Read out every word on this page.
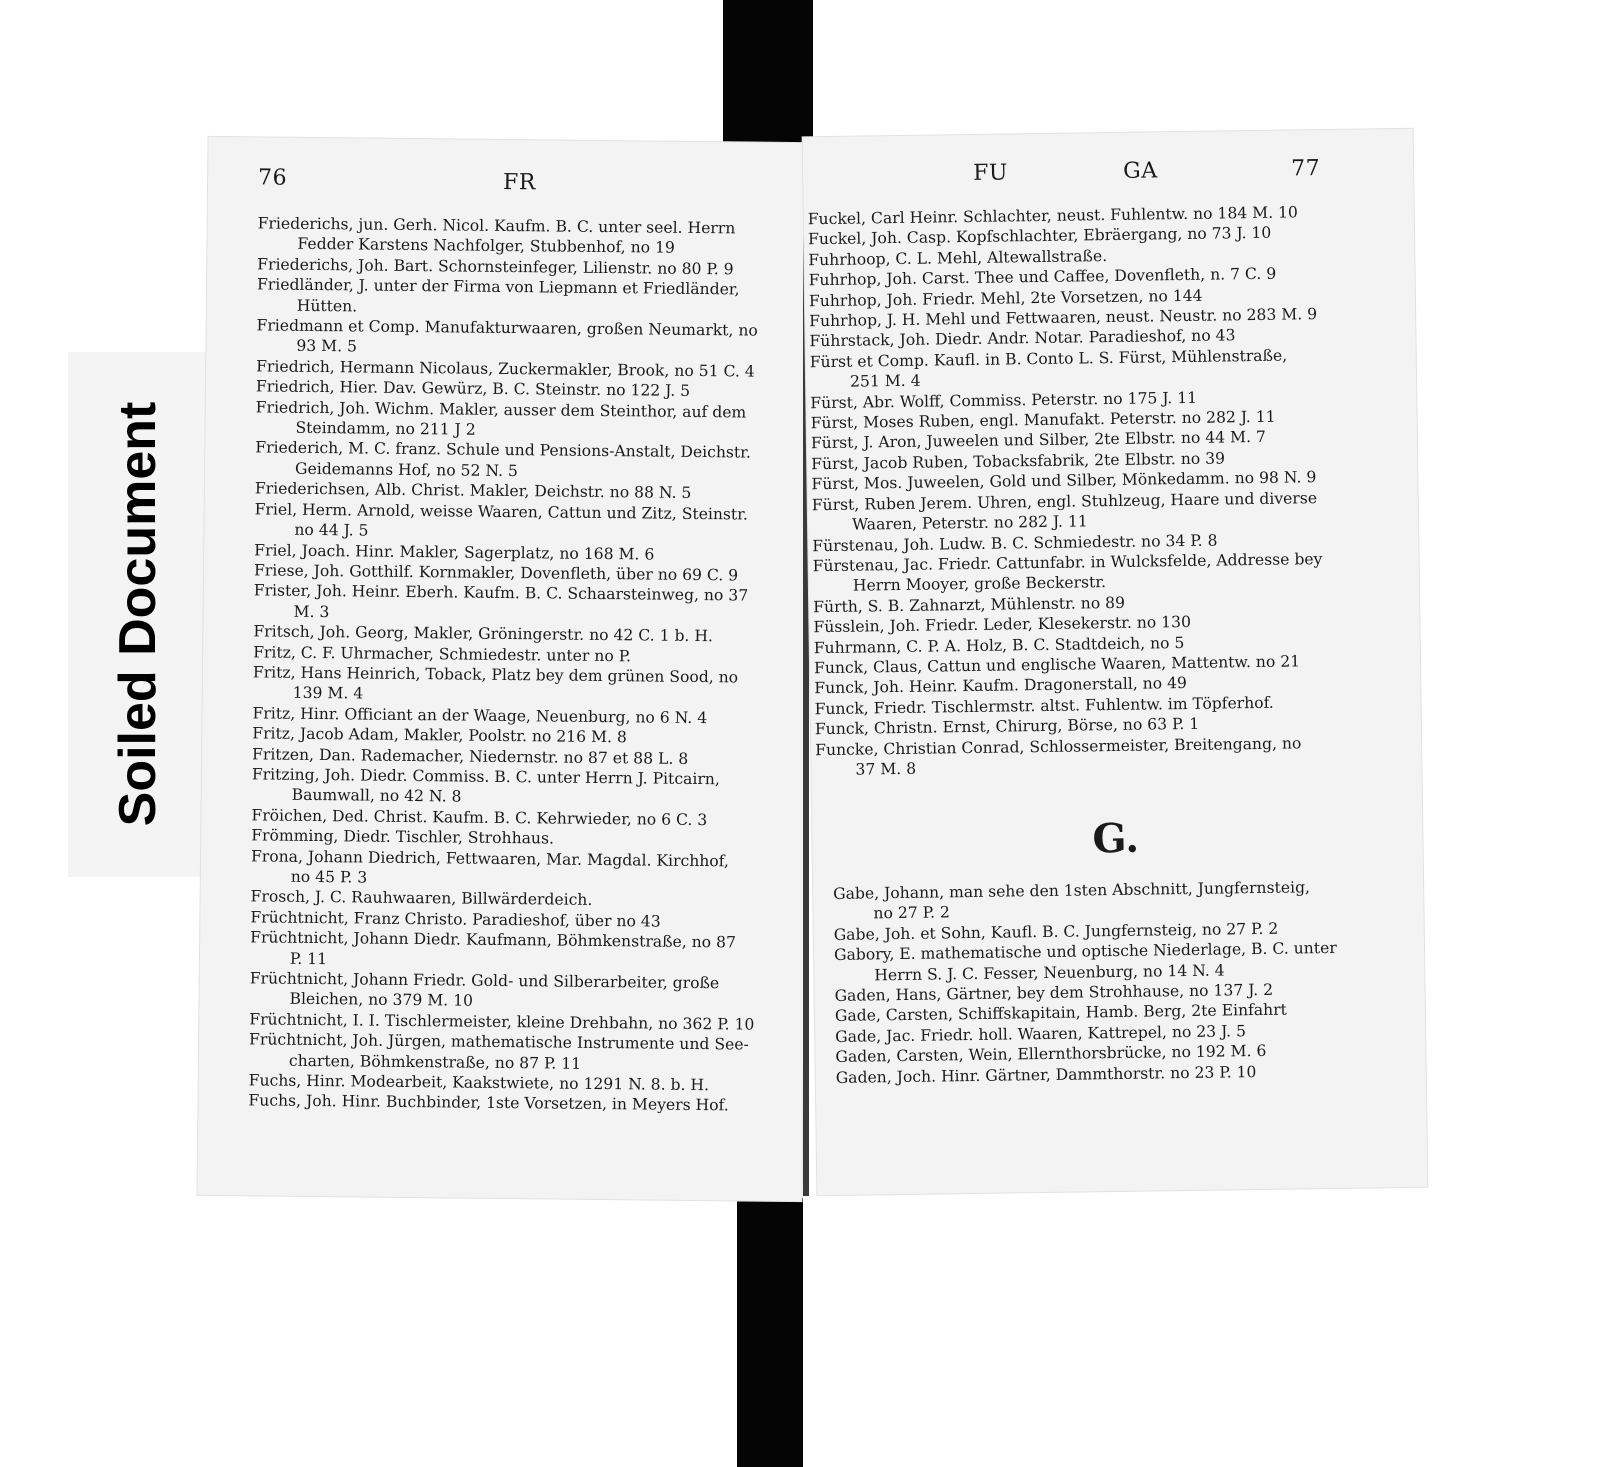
Soiled Document
76	FR
Friederichs, jun. Gerh. Nicol. Kaufm. B. C. unter seel. Herrn
Fedder Karstens Nachfolger, Stubbenhof, no 19
Friederichs, Joh. Bart. Schornsteinfeger, Lilienstr. no 80 P. 9
Friedländer, J. unter der Firma von Liepmann et Friedländer,
Hütten.
Friedmann et Comp. Manufakturwaaren, großen Neumarkt, no
93 M. 5
Friedrich, Hermann Nicolaus, Zuckermakler, Brook, no 51 C. 4
Friedrich, Hier. Dav. Gewürz, B. C. Steinstr. no 122 J. 5
Friedrich, Joh. Wichm. Makler, ausser dem Steinthor, auf dem
Steindamm, no 211 J 2
Friederich, M. C. franz. Schule und Pensions-Anstalt, Deichstr.
Geidemanns Hof, no 52 N. 5
Friederichsen, Alb. Christ. Makler, Deichstr. no 88 N. 5
Friel, Herm. Arnold, weisse Waaren, Cattun und Zitz, Steinstr.
no 44 J. 5
Friel, Joach. Hinr. Makler, Sagerplatz, no 168 M. 6
Friese, Joh. Gotthilf. Kornmakler, Dovenfleth, über no 69 C. 9
Frister, Joh. Heinr. Eberh. Kaufm. B. C. Schaarsteinweg, no 37
M. 3
Fritsch, Joh. Georg, Makler, Gröningerstr. no 42 C. 1 b. H.
Fritz, C. F. Uhrmacher, Schmiedestr. unter no P.
Fritz, Hans Heinrich, Toback, Platz bey dem grünen Sood, no
139 M. 4
Fritz, Hinr. Officiant an der Waage, Neuenburg, no 6 N. 4
Fritz, Jacob Adam, Makler, Poolstr. no 216 M. 8
Fritzen, Dan. Rademacher, Niedernstr. no 87 et 88 L. 8
Fritzing, Joh. Diedr. Commiss. B. C. unter Herrn J. Pitcairn,
Baumwall, no 42 N. 8
Fröichen, Ded. Christ. Kaufm. B. C. Kehrwieder, no 6 C. 3
Frömming, Diedr. Tischler, Strohhaus.
Frona, Johann Diedrich, Fettwaaren, Mar. Magdal. Kirchhof,
no 45 P. 3
Frosch, J. C. Rauhwaaren, Billwärderdeich.
Früchtnicht, Franz Christo. Paradieshof, über no 43
Früchtnicht, Johann Diedr. Kaufmann, Böhmkenstraße, no 87
P. 11
Früchtnicht, Johann Friedr. Gold- und Silberarbeiter, große
Bleichen, no 379 M. 10
Früchtnicht, I. I. Tischlermeister, kleine Drehbahn, no 362 P. 10
Früchtnicht, Joh. Jürgen, mathematische Instrumente und See-
charten, Böhmkenstraße, no 87 P. 11
Fuchs, Hinr. Modearbeit, Kaakstwiete, no 1291 N. 8. b. H.
Fuchs, Joh. Hinr. Buchbinder, 1ste Vorsetzen, in Meyers Hof.
FU	GA	77
Fuckel, Carl Heinr. Schlachter, neust. Fuhlentw. no 184 M. 10
Fuckel, Joh. Casp. Kopfschlachter, Ebräergang, no 73 J. 10
Fuhrhoop, C. L. Mehl, Altewallstraße.
Fuhrhop, Joh. Carst. Thee und Caffee, Dovenfleth, n. 7 C. 9
Fuhrhop, Joh. Friedr. Mehl, 2te Vorsetzen, no 144
Fuhrhop, J. H. Mehl und Fettwaaren, neust. Neustr. no 283 M. 9
Führstack, Joh. Diedr. Andr. Notar. Paradieshof, no 43
Fürst et Comp. Kaufl. in B. Conto L. S. Fürst, Mühlenstraße,
251 M. 4
Fürst, Abr. Wolff, Commiss. Peterstr. no 175 J. 11
Fürst, Moses Ruben, engl. Manufakt. Peterstr. no 282 J. 11
Fürst, J. Aron, Juweelen und Silber, 2te Elbstr. no 44 M. 7
Fürst, Jacob Ruben, Tobacksfabrik, 2te Elbstr. no 39
Fürst, Mos. Juweelen, Gold und Silber, Mönkedamm. no 98 N. 9
Fürst, Ruben Jerem. Uhren, engl. Stuhlzeug, Haare und diverse
Waaren, Peterstr. no 282 J. 11
Fürstenau, Joh. Ludw. B. C. Schmiedestr. no 34 P. 8
Fürstenau, Jac. Friedr. Cattunfabr. in Wulcksfelde, Addresse bey
Herrn Mooyer, große Beckerstr.
Fürth, S. B. Zahnarzt, Mühlenstr. no 89
Füsslein, Joh. Friedr. Leder, Klesekerstr. no 130
Fuhrmann, C. P. A. Holz, B. C. Stadtdeich, no 5
Funck, Claus, Cattun und englische Waaren, Mattentw. no 21
Funck, Joh. Heinr. Kaufm. Dragonerstall, no 49
Funck, Friedr. Tischlermstr. altst. Fuhlentw. im Töpferhof.
Funck, Christn. Ernst, Chirurg, Börse, no 63 P. 1
Funcke, Christian Conrad, Schlossermeister, Breitengang, no
37 M. 8
G.
Gabe, Johann, man sehe den 1sten Abschnitt, Jungfernsteig,
no 27 P. 2
Gabe, Joh. et Sohn, Kaufl. B. C. Jungfernsteig, no 27 P. 2
Gabory, E. mathematische und optische Niederlage, B. C. unter
Herrn S. J. C. Fesser, Neuenburg, no 14 N. 4
Gaden, Hans, Gärtner, bey dem Strohhause, no 137 J. 2
Gade, Carsten, Schiffskapitain, Hamb. Berg, 2te Einfahrt
Gade, Jac. Friedr. holl. Waaren, Kattrepel, no 23 J. 5
Gaden, Carsten, Wein, Ellernthorsbrücke, no 192 M. 6
Gaden, Joch. Hinr. Gärtner, Dammthorstr. no 23 P. 10
